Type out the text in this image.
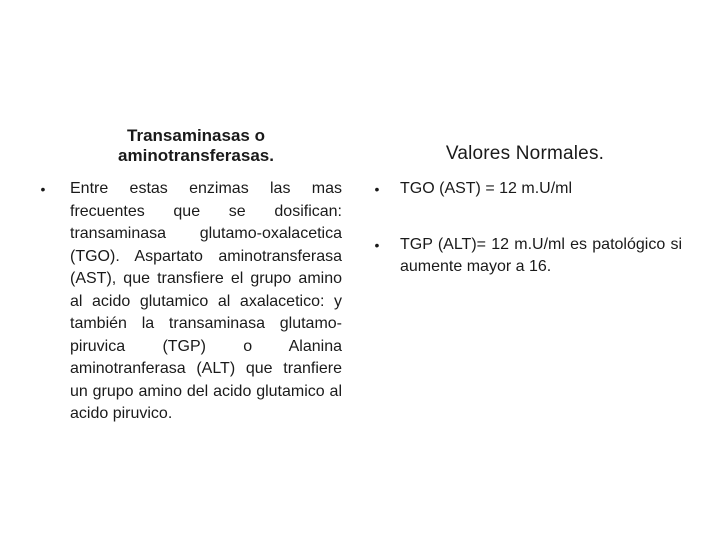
Transaminasas o aminotransferasas.
• Entre estas enzimas las mas frecuentes que se dosifican: transaminasa glutamo-oxalacetica (TGO). Aspartato aminotransferasa (AST), que transfiere el grupo amino al acido glutamico al axalacetico: y también la transaminasa glutamo-piruvica (TGP) o Alanina aminotranferasa (ALT) que tranfiere un grupo amino del acido glutamico al acido piruvico.
Valores Normales.
• TGO (AST) = 12 m.U/ml
• TGP (ALT)= 12 m.U/ml es patológico si aumente mayor a 16.
